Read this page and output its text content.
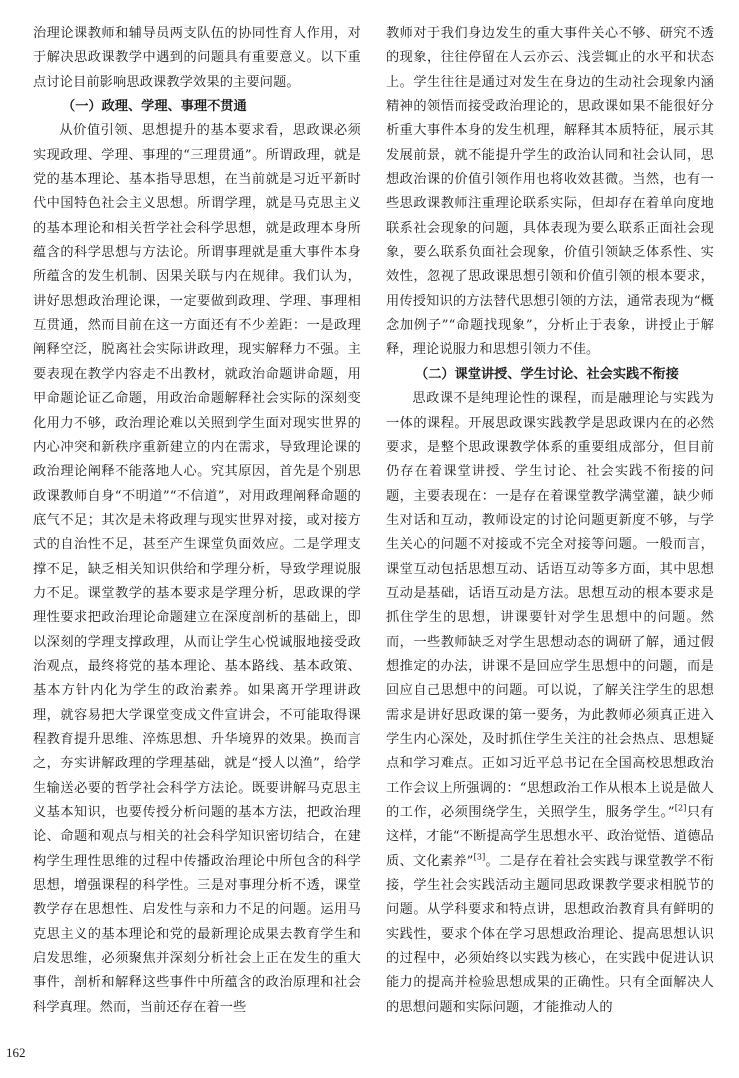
治理论课教师和辅导员两支队伍的协同性育人作用，对于解决思政课教学中遇到的问题具有重要意义。以下重点讨论目前影响思政课教学效果的主要问题。

（一）政理、学理、事理不贯通

从价值引领、思想提升的基本要求看，思政课必须实现政理、学理、事理的“三理贯通”。所谓政理，就是党的基本理论、基本指导思想，在当前就是习近平新时代中国特色社会主义思想。所谓学理，就是马克思主义的基本理论和相关哲学社会科学思想，就是政理本身所蕴含的科学思想与方法论。所谓事理就是重大事件本身所蕴含的发生机制、因果关联与内在规律。我们认为，讲好思想政治理论课，一定要做到政理、学理、事理相互贯通，然而目前在这一方面还有不少差距：一是政理阐释空泛，脱离社会实际讲政理，现实解释力不强。主要表现在教学内容走不出教材，就政治命题讲命题，用甲命题论证乙命题，用政治命题解释社会实际的深刻变化用力不够，政治理论难以关照到学生面对现实世界的内心冲突和新秩序重新建立的内在需求，导致理论课的政治理论阐释不能落地人心。究其原因，首先是个别思政课教师自身“不明道”“不信道”，对用政理阐释命题的底气不足；其次是未将政理与现实世界对接，或对接方式的自治性不足，甚至产生课堂负面效应。二是学理支撑不足，缺乏相关知识供给和学理分析，导致学理说服力不足。课堂教学的基本要求是学理分析，思政课的学理性要求把政治理论命题建立在深度剖析的基础上，即以深刻的学理支撑政理，从而让学生心悦诚服地接受政治观点，最终将党的基本理论、基本路线、基本政策、基本方针内化为学生的政治素养。如果离开学理讲政理，就容易把大学课堂变成文件宣讲会，不可能取得课程教育提升思维、淬炼思想、升华境界的效果。换而言之，夯实讲解政理的学理基础，就是“授人以渔”，给学生输送必要的哲学社会科学方法论。既要讲解马克思主义基本知识，也要传授分析问题的基本方法，把政治理论、命题和观点与相关的社会科学知识密切结合，在建构学生理性思维的过程中传播政治理论中所包含的科学思想，增强课程的科学性。三是对事理分析不透，课堂教学存在思想性、启发性与亲和力不足的问题。运用马克思主义的基本理论和党的最新理论成果去教育学生和启发思维，必须聚焦并深刻分析社会上正在发生的重大事件，剖析和解释这些事件中所蕴含的政治原理和社会科学真理。然而，当前还存在着一些

教师对于我们身边发生的重大事件关心不够、研究不透的现象，往往停留在人云亦云、浅尝辄止的水平和状态上。学生往往是通过对发生在身边的生动社会现象内涵精神的领悟而接受政治理论的，思政课如果不能很好分析重大事件本身的发生机理，解释其本质特征，展示其发展前景，就不能提升学生的政治认同和社会认同，思想政治课的价值引领作用也将收效甚微。当然，也有一些思政课教师注重理论联系实际，但却存在着单向度地联系社会现象的问题，具体表现为要么联系正面社会现象，要么联系负面社会现象，价值引领缺乏体系性、实效性，忽视了思政课思想引领和价值引领的根本要求，用传授知识的方法替代思想引领的方法，通常表现为“概念加例子”“命题找现象”，分析止于表象，讲授止于解释，理论说服力和思想引领力不佳。

（二）课堂讲授、学生讨论、社会实践不衔接

思政课不是纯理论性的课程，而是融理论与实践为一体的课程。开展思政课实践教学是思政课内在的必然要求，是整个思政课教学体系的重要组成部分，但目前仍存在着课堂讲授、学生讨论、社会实践不衔接的问题，主要表现在：一是存在着课堂教学满堂灌，缺少师生对话和互动，教师设定的讨论问题更新度不够，与学生关心的问题不对接或不完全对接等问题。一般而言，课堂互动包括思想互动、话语互动等多方面，其中思想互动是基础，话语互动是方法。思想互动的根本要求是抓住学生的思想，讲课要针对学生思想中的问题。然而，一些教师缺乏对学生思想动态的调研了解，通过假想推定的办法，讲课不是回应学生思想中的问题，而是回应自己思想中的问题。可以说，了解关注学生的思想需求是讲好思政课的第一要务，为此教师必须真正进入学生内心深处，及时抓住学生关注的社会热点、思想疑点和学习难点。正如习近平总书记在全国高校思想政治工作会议上所强调的：“思想政治工作从根本上说是做人的工作，必须围绕学生，关照学生，服务学生。”[2]只有这样，才能“不断提高学生思想水平、政治觉悟、道德品质、文化素养”[3]。二是存在着社会实践与课堂教学不衔接，学生社会实践活动主题同思政课教学要求相脱节的问题。从学科要求和特点讲，思想政治教育具有鲜明的实践性，要求个体在学习思想政治理论、提高思想认识的过程中，必须始终以实践为核心，在实践中促进认识能力的提高并检验思想成果的正确性。只有全面解决人的思想问题和实际问题，才能推动人的

162
